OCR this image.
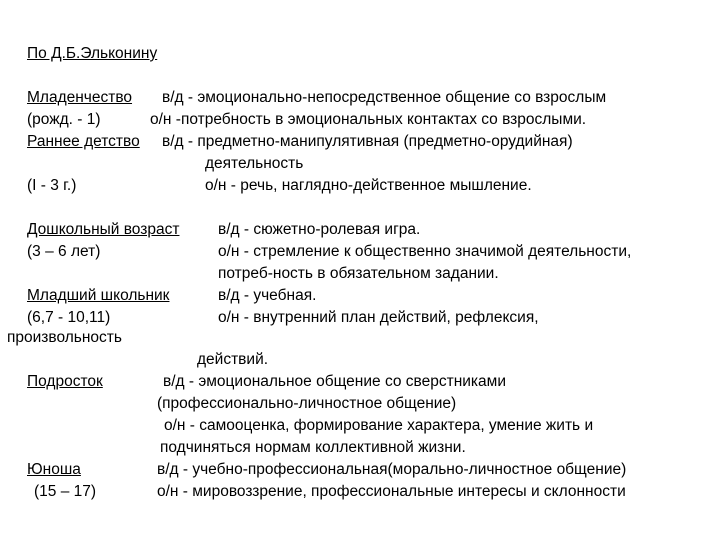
По Д.Б.Эльконину
Младенчество в/д - эмоционально-непосредственное общение со взрослым
(рожд. - 1)	о/н -потребность в эмоциональных контактах со взрослыми.
Раннее детство в/д - предметно-манипулятивная (предметно-орудийная)
деятельность
(I - 3 г.)	о/н - речь, наглядно-действенное мышление.
Дошкольный возраст в/д - сюжетно-ролевая игра.
(3 – 6 лет)	о/н - стремление к общественно значимой деятельности,
потреб-ность в обязательном задании.
Младший школьник	в/д - учебная.
(6,7 - 10,11)	о/н - внутренний план действий, рефлексия,
произвольность
действий.
Подросток	в/д - эмоциональное общение со сверстниками
(профессионально-личностное общение)
о/н - самооценка, формирование характера, умение жить и
подчиняться нормам коллективной жизни.
Юноша	в/д - учебно-профессиональная(морально-личностное общение)
(15 – 17)	о/н - мировоззрение, профессиональные интересы и склонности
